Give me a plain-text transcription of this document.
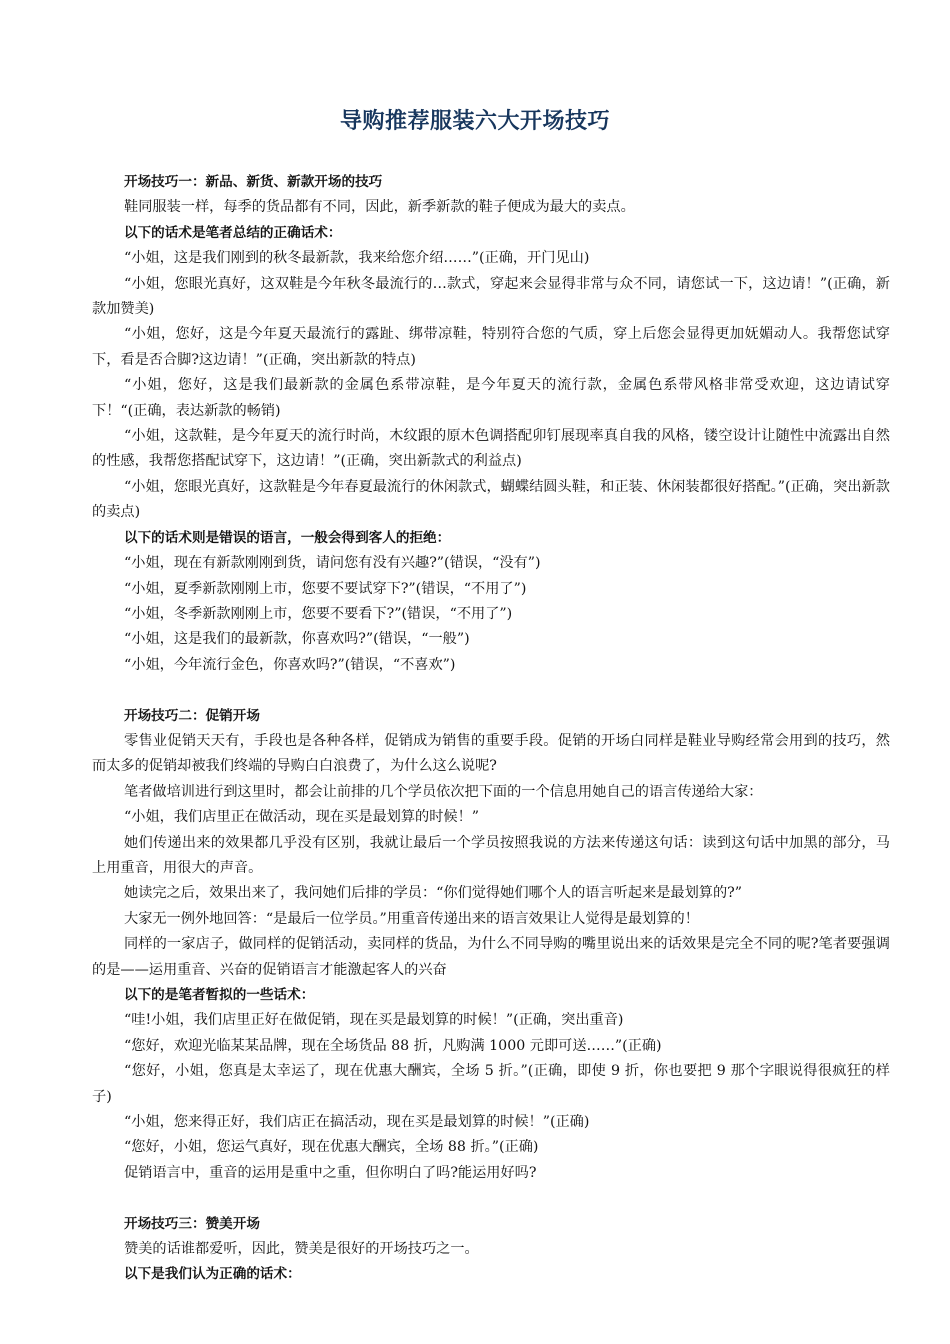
导购推荐服装六大开场技巧

开场技巧一：新品、新货、新款开场的技巧

鞋同服装一样，每季的货品都有不同，因此，新季新款的鞋子便成为最大的卖点。

以下的话术是笔者总结的正确话术：

“小姐，这是我们刚到的秋冬最新款，我来给您介绍……”(正确，开门见山)

“小姐，您眼光真好，这双鞋是今年秋冬最流行的…款式，穿起来会显得非常与众不同，请您试一下，这边请！”(正确，新款加赞美)

“小姐，您好，这是今年夏天最流行的露趾、绑带凉鞋，特别符合您的气质，穿上后您会显得更加妩媚动人。我帮您试穿下，看是否合脚?这边请！”(正确，突出新款的特点)

“小姐，您好，这是我们最新款的金属色系带凉鞋，是今年夏天的流行款，金属色系带风格非常受欢迎，这边请试穿下！“(正确，表达新款的畅销)

“小姐，这款鞋，是今年夏天的流行时尚，木纹跟的原木色调搭配卯钉展现率真自我的风格，镂空设计让随性中流露出自然的性感，我帮您搭配试穿下，这边请！”(正确，突出新款式的利益点)

“小姐，您眼光真好，这款鞋是今年春夏最流行的休闲款式，蝴蝶结圆头鞋，和正装、休闲装都很好搭配。”(正确，突出新款的卖点)

以下的话术则是错误的语言，一般会得到客人的拒绝：

“小姐，现在有新款刚刚到货，请问您有没有兴趣?”(错误，“没有”)

“小姐，夏季新款刚刚上市，您要不要试穿下?”(错误，“不用了”)

“小姐，冬季新款刚刚上市，您要不要看下?”(错误，“不用了”)

“小姐，这是我们的最新款，你喜欢吗?”(错误，“一般”)

“小姐，今年流行金色，你喜欢吗?”(错误，“不喜欢”)

开场技巧二：促销开场

零售业促销天天有，手段也是各种各样，促销成为销售的重要手段。促销的开场白同样是鞋业导购经常会用到的技巧，然而太多的促销却被我们终端的导购白白浪费了，为什么这么说呢?

笔者做培训进行到这里时，都会让前排的几个学员依次把下面的一个信息用她自己的语言传递给大家：

“小姐，我们店里正在做活动，现在买是最划算的时候！”

她们传递出来的效果都几乎没有区别，我就让最后一个学员按照我说的方法来传递这句话：读到这句话中加黑的部分，马上用重音，用很大的声音。

她读完之后，效果出来了，我问她们后排的学员：“你们觉得她们哪个人的语言听起来是最划算的?”

大家无一例外地回答：“是最后一位学员。”用重音传递出来的语言效果让人觉得是最划算的！

同样的一家店子，做同样的促销活动，卖同样的货品，为什么不同导购的嘴里说出来的话效果是完全不同的呢?笔者要强调的是——运用重音、兴奋的促销语言才能激起客人的兴奋

以下的是笔者暂拟的一些话术：

“哇!小姐，我们店里正好在做促销，现在买是最划算的时候！”(正确，突出重音)

“您好，欢迎光临某某品牌，现在全场货品 88 折，凡购满 1000 元即可送……”(正确)

“您好，小姐，您真是太幸运了，现在优惠大酬宾，全场 5 折。”(正确，即使 9 折，你也要把 9 那个字眼说得很疯狂的样子)

“小姐，您来得正好，我们店正在搞活动，现在买是最划算的时候！”(正确)

“您好，小姐，您运气真好，现在优惠大酬宾，全场 88 折。”(正确)

促销语言中，重音的运用是重中之重，但你明白了吗?能运用好吗?

开场技巧三：赞美开场

赞美的话谁都爱听，因此，赞美是很好的开场技巧之一。

以下是我们认为正确的话术：
